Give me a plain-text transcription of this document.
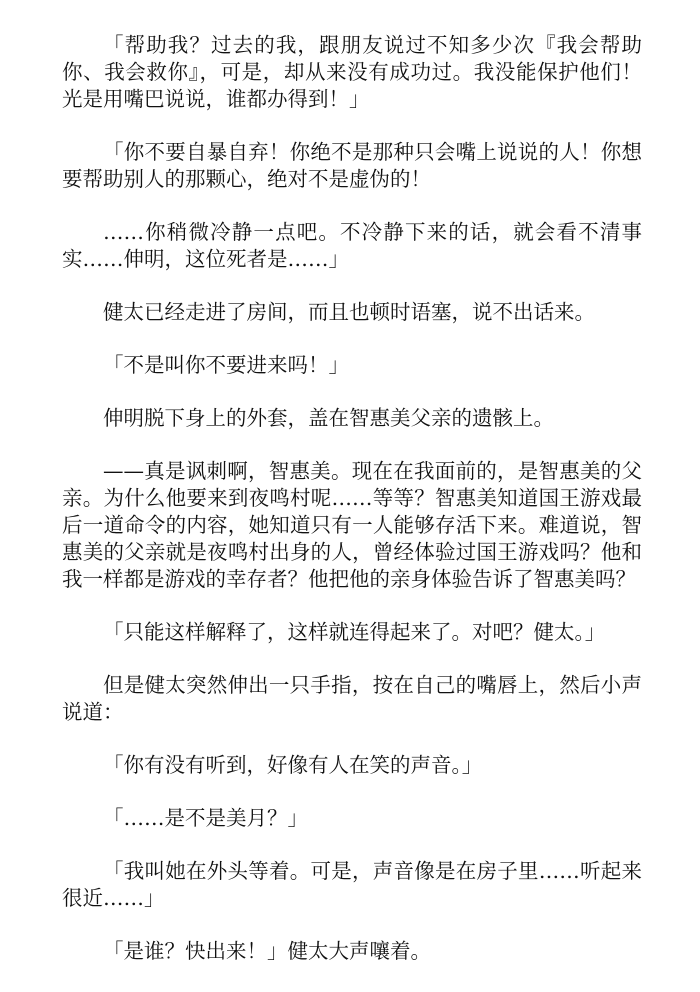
「帮助我？过去的我，跟朋友说过不知多少次『我会帮助你、我会救你』，可是，却从来没有成功过。我没能保护他们！光是用嘴巴说说，谁都办得到！」

「你不要自暴自弃！你绝不是那种只会嘴上说说的人！你想要帮助别人的那颗心，绝对不是虚伪的！

……你稍微冷静一点吧。不冷静下来的话，就会看不清事实……伸明，这位死者是……」

健太已经走进了房间，而且也顿时语塞，说不出话来。

「不是叫你不要进来吗！」

伸明脱下身上的外套，盖在智惠美父亲的遗骸上。

——真是讽刺啊，智惠美。现在在我面前的，是智惠美的父亲。为什么他要来到夜鸣村呢……等等？智惠美知道国王游戏最后一道命令的内容，她知道只有一人能够存活下来。难道说，智惠美的父亲就是夜鸣村出身的人，曾经体验过国王游戏吗？他和我一样都是游戏的幸存者？他把他的亲身体验告诉了智惠美吗？

「只能这样解释了，这样就连得起来了。对吧？健太。」

但是健太突然伸出一只手指，按在自己的嘴唇上，然后小声说道：

「你有没有听到，好像有人在笑的声音。」

「……是不是美月？」

「我叫她在外头等着。可是，声音像是在房子里……听起来很近……」

「是谁？快出来！」健太大声嚷着。
